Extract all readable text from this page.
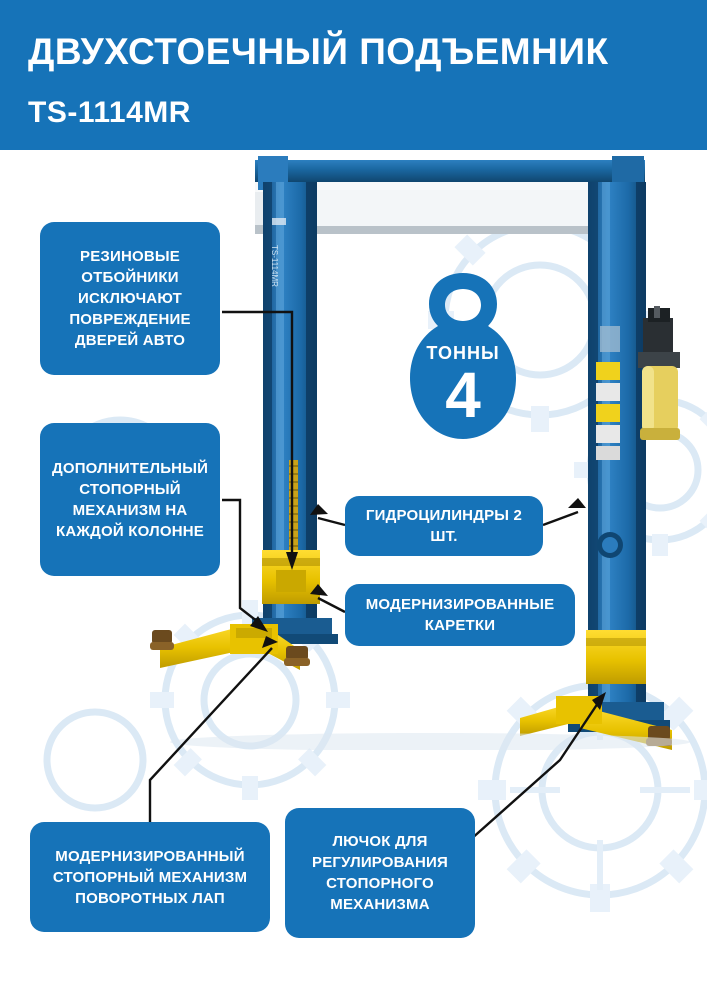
ДВУХСТОЕЧНЫЙ ПОДЪЕМНИК
TS-1114MR
TS-1114MR
ТОННЫ
4
РЕЗИНОВЫЕ ОТБОЙНИКИ ИСКЛЮЧАЮТ ПОВРЕЖДЕНИЕ ДВЕРЕЙ АВТО
ДОПОЛНИТЕЛЬНЫЙ СТОПОРНЫЙ МЕХАНИЗМ НА КАЖДОЙ КОЛОННЕ
ГИДРОЦИЛИНДРЫ 2 ШТ.
МОДЕРНИЗИРОВАННЫЕ КАРЕТКИ
МОДЕРНИЗИРОВАННЫЙ СТОПОРНЫЙ МЕХАНИЗМ ПОВОРОТНЫХ ЛАП
ЛЮЧОК ДЛЯ РЕГУЛИРОВАНИЯ СТОПОРНОГО МЕХАНИЗМА
